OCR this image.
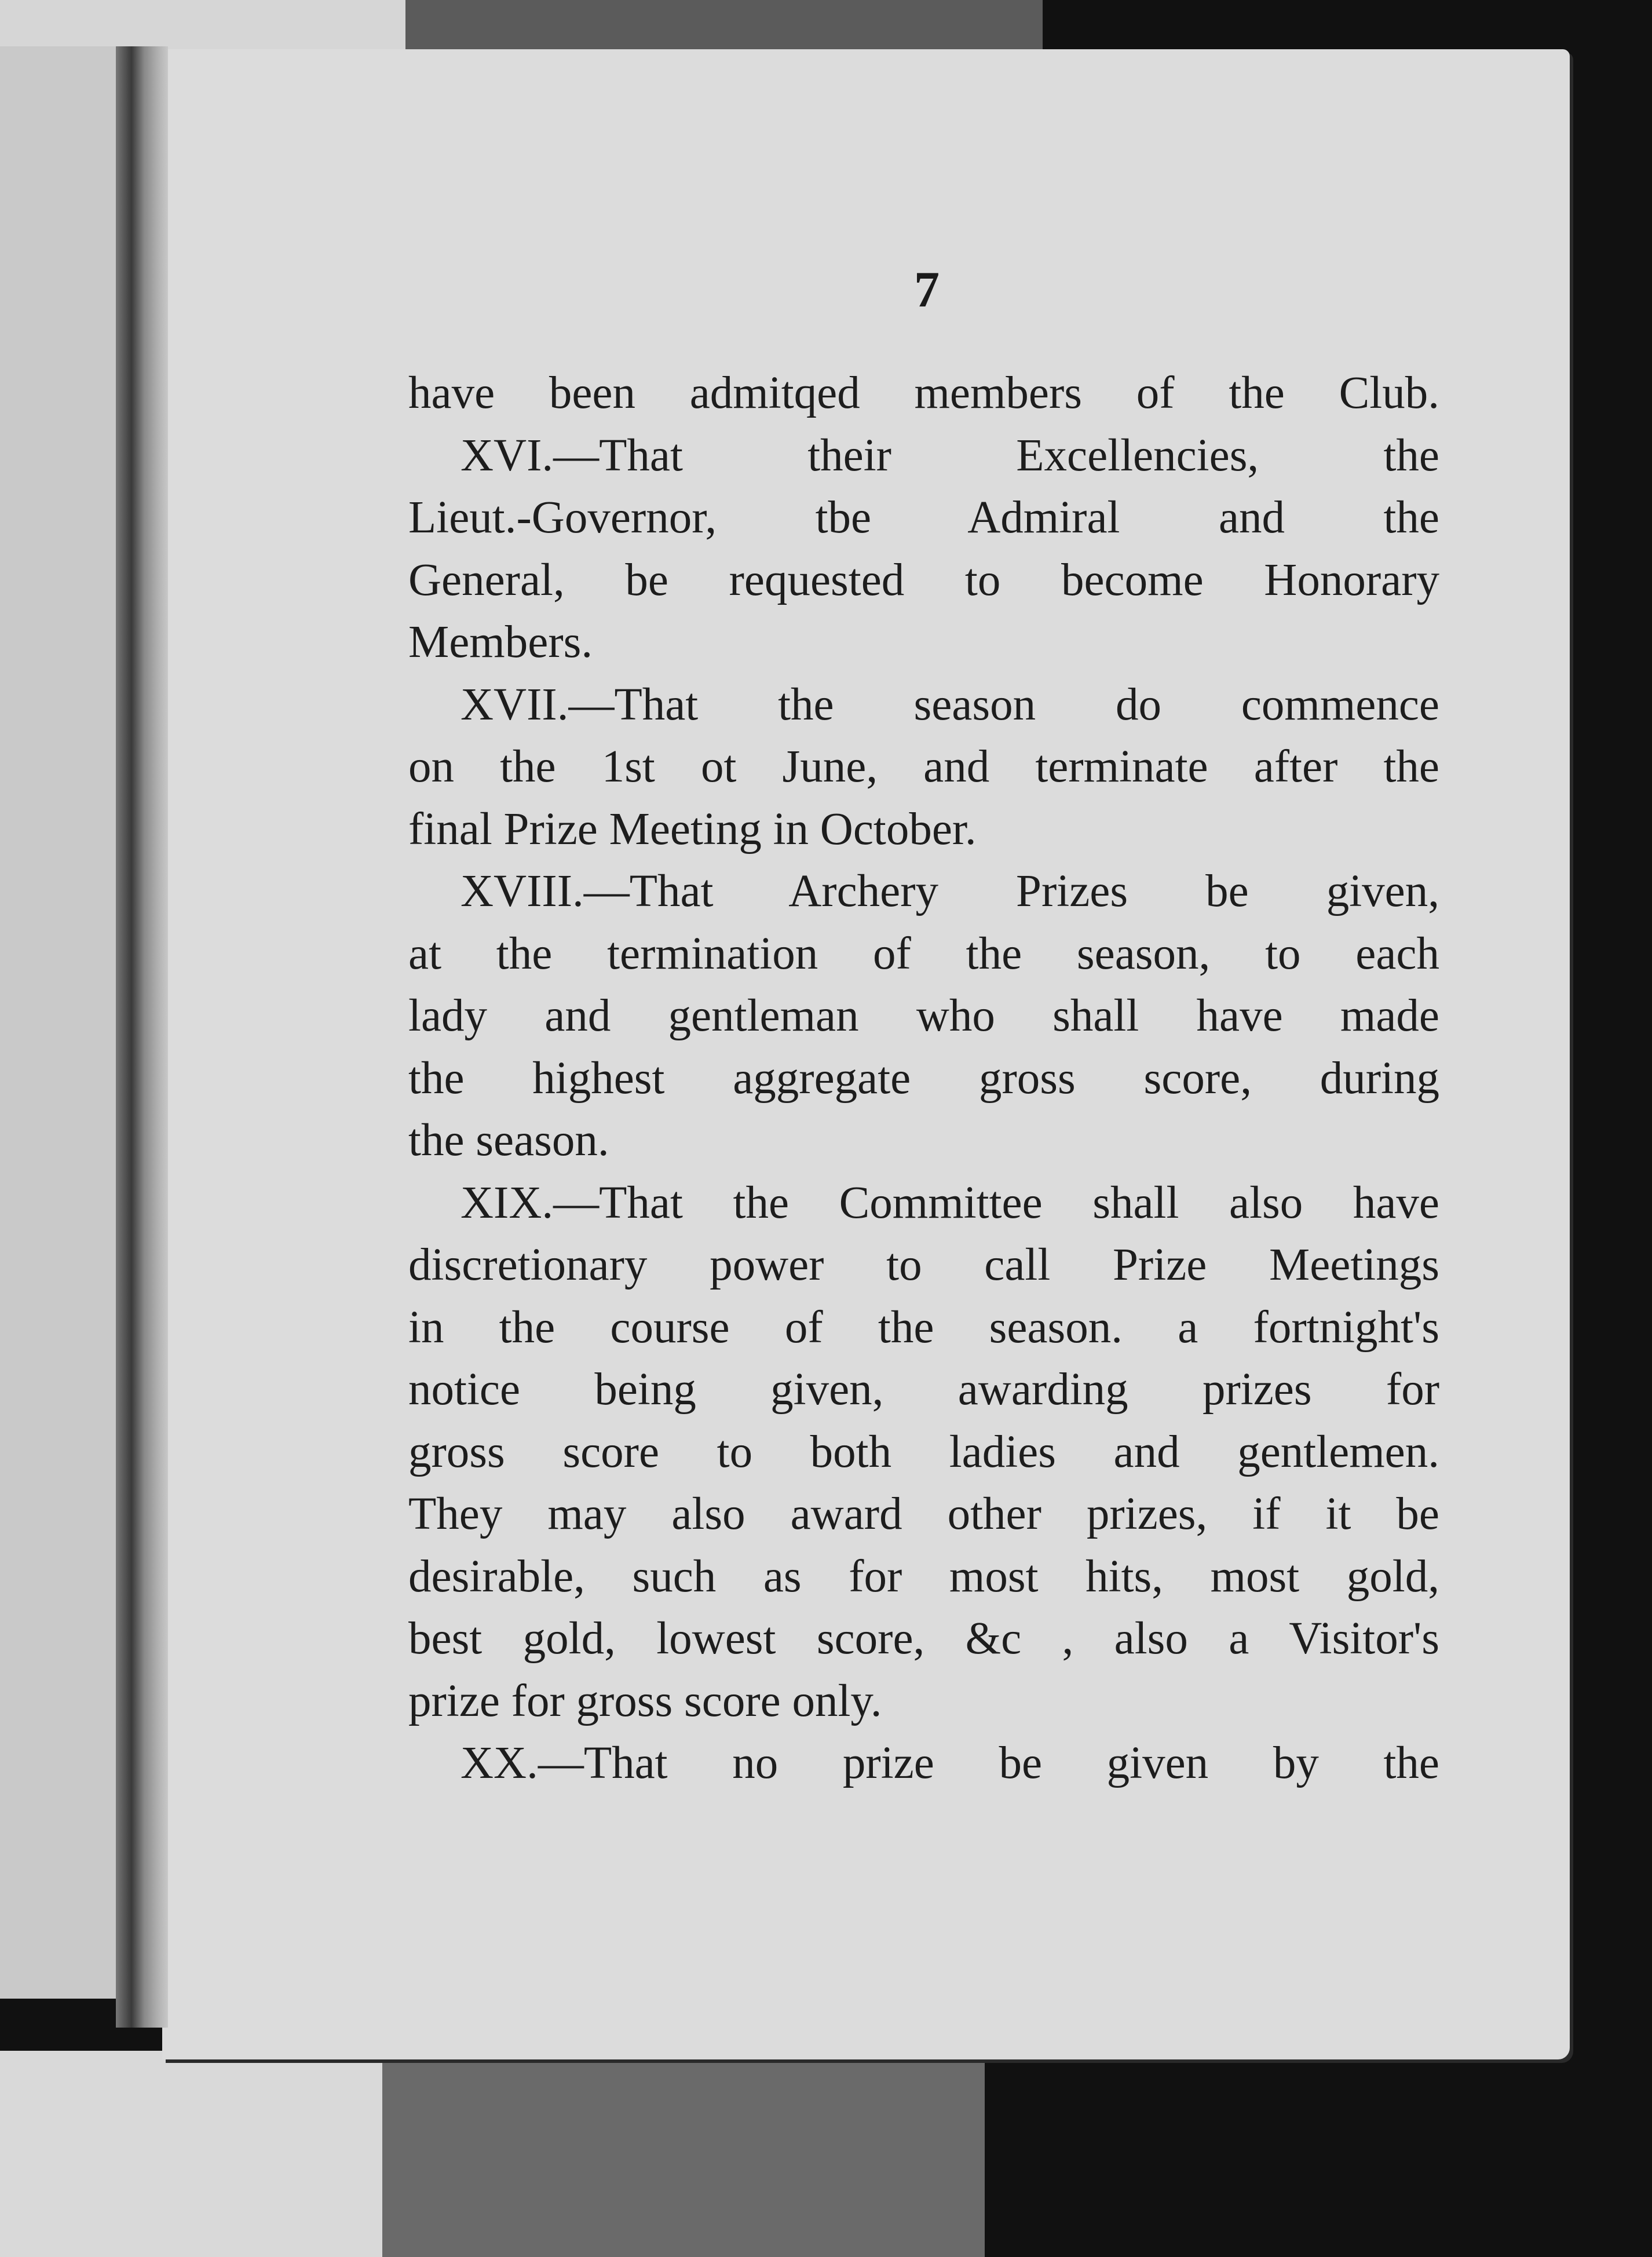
7
have been admitqed members of the Club.
XVI.—That their Excellencies, the
Lieut.-Governor, tbe Admiral and the
General, be requested to become Honorary
Members.
XVII.—That the season do commence
on the 1st ot June, and terminate after the
final Prize Meeting in October.
XVIII.—That Archery Prizes be given,
at the termination of the season, to each
lady and gentleman who shall have made
the highest aggregate gross score, during
the season.
XIX.—That the Committee shall also have
discretionary power to call Prize Meetings
in the course of the season. a fortnight's
notice being given, awarding prizes for
gross score to both ladies and gentlemen.
They may also award other prizes, if it be
desirable, such as for most hits, most gold,
best gold, lowest score, &c , also a Visitor's
prize for gross score only.
XX.—That no prize be given by the
